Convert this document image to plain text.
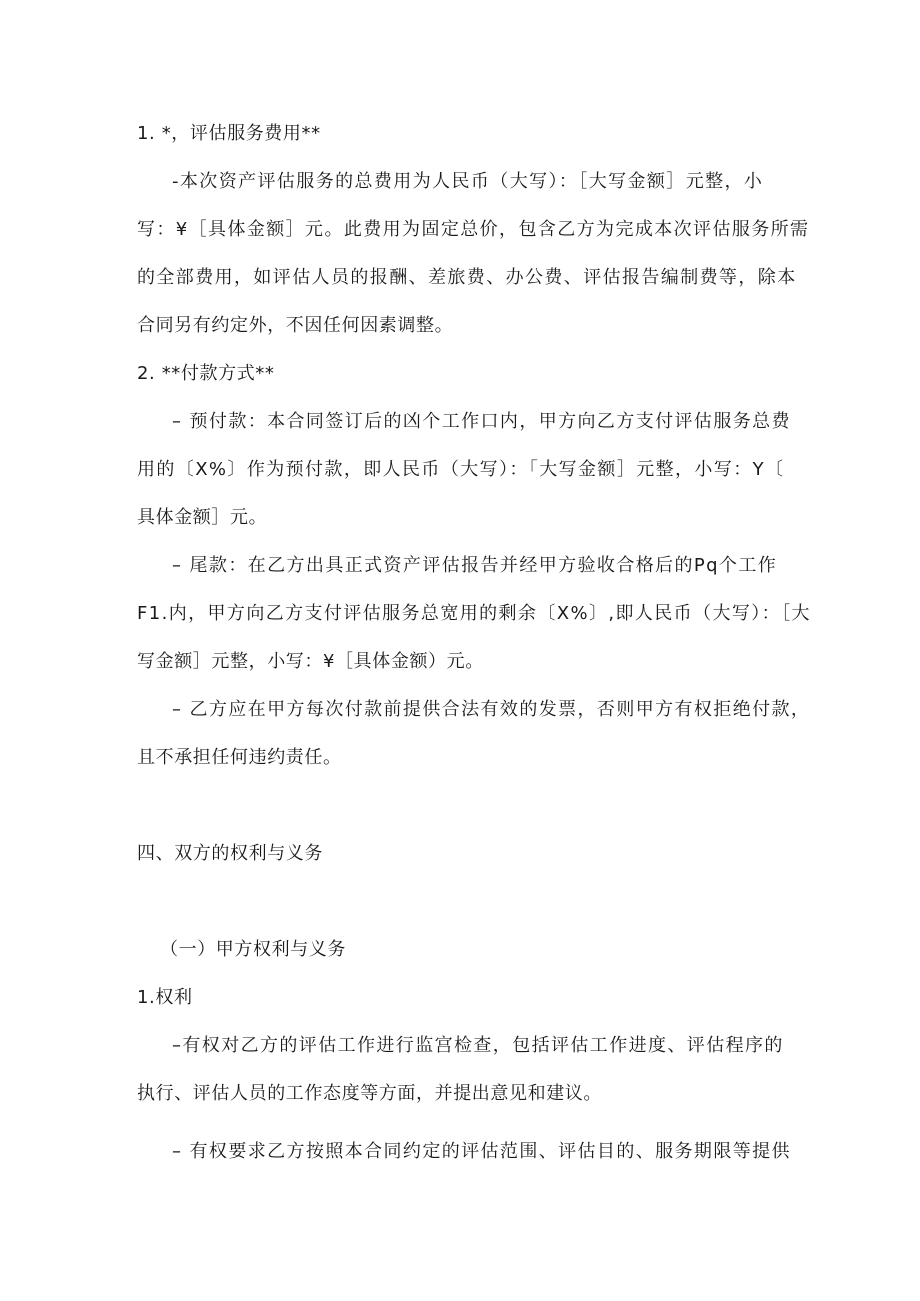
1. *，评估服务费用**
-本次资产评估服务的总费用为人民币（大写）：［大写金额］元整，小
写：¥［具体金额］元。此费用为固定总价，包含乙方为完成本次评估服务所需
的全部费用，如评估人员的报酬、差旅费、办公费、评估报告编制费等，除本
合同另有约定外，不因任何因素调整。
2. **付款方式**
– 预付款：本合同签订后的凶个工作口内，甲方向乙方支付评估服务总费
用的〔X%〕作为预付款，即人民币（大写）：「大写金额］元整，小写：Y〔
具体金额］元。
– 尾款：在乙方出具正式资产评估报告并经甲方验收合格后的Pq个工作
F1.内，甲方向乙方支付评估服务总宽用的剩余〔X%〕,即人民币（大写）：［大
写金额］元整，小写：¥［具体金额）元。
– 乙方应在甲方每次付款前提供合法有效的发票，否则甲方有权拒绝付款，
且不承担任何违约责任。
四、双方的权利与义务
（一）甲方权利与义务
1.权利
–有权对乙方的评估工作进行监宫检查，包括评估工作进度、评估程序的
执行、评估人员的工作态度等方面，并提出意见和建议。
– 有权要求乙方按照本合同约定的评估范围、评估目的、服务期限等提供
